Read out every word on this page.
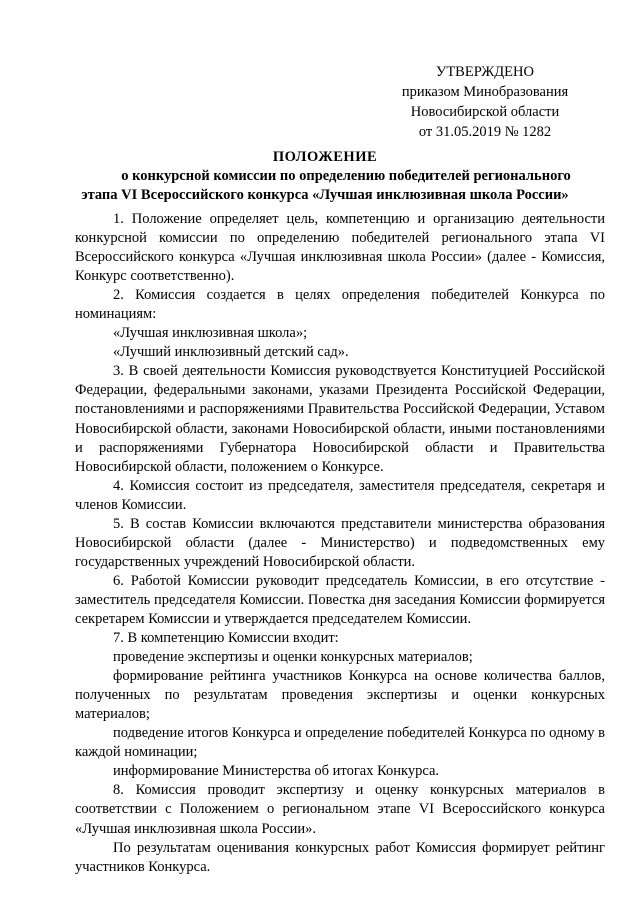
УТВЕРЖДЕНО
приказом Минобразования
Новосибирской области
от 31.05.2019 № 1282
ПОЛОЖЕНИЕ
о конкурсной комиссии по определению победителей регионального
этапа VI Всероссийского конкурса «Лучшая инклюзивная школа России»

1. Положение определяет цель, компетенцию и организацию деятельности конкурсной комиссии по определению победителей регионального этапа VI Всероссийского конкурса «Лучшая инклюзивная школа России» (далее - Комиссия, Конкурс соответственно).

2. Комиссия создается в целях определения победителей Конкурса по номинациям:

«Лучшая инклюзивная школа»;

«Лучший инклюзивный детский сад».

3. В своей деятельности Комиссия руководствуется Конституцией Российской Федерации, федеральными законами, указами Президента Российской Федерации, постановлениями и распоряжениями Правительства Российской Федерации, Уставом Новосибирской области, законами Новосибирской области, иными постановлениями и распоряжениями Губернатора Новосибирской области и Правительства Новосибирской области, положением о Конкурсе.

4. Комиссия состоит из председателя, заместителя председателя, секретаря и членов Комиссии.

5. В состав Комиссии включаются представители министерства образования Новосибирской области (далее - Министерство) и подведомственных ему государственных учреждений Новосибирской области.

6. Работой Комиссии руководит председатель Комиссии, в его отсутствие - заместитель председателя Комиссии. Повестка дня заседания Комиссии формируется секретарем Комиссии и утверждается председателем Комиссии.

7. В компетенцию Комиссии входит:

проведение экспертизы и оценки конкурсных материалов;

формирование рейтинга участников Конкурса на основе количества баллов, полученных по результатам проведения экспертизы и оценки конкурсных материалов;

подведение итогов Конкурса и определение победителей Конкурса по одному в каждой номинации;

информирование Министерства об итогах Конкурса.

8. Комиссия проводит экспертизу и оценку конкурсных материалов в соответствии с Положением о региональном этапе VI Всероссийского конкурса «Лучшая инклюзивная школа России».

По результатам оценивания конкурсных работ Комиссия формирует рейтинг участников Конкурса.
